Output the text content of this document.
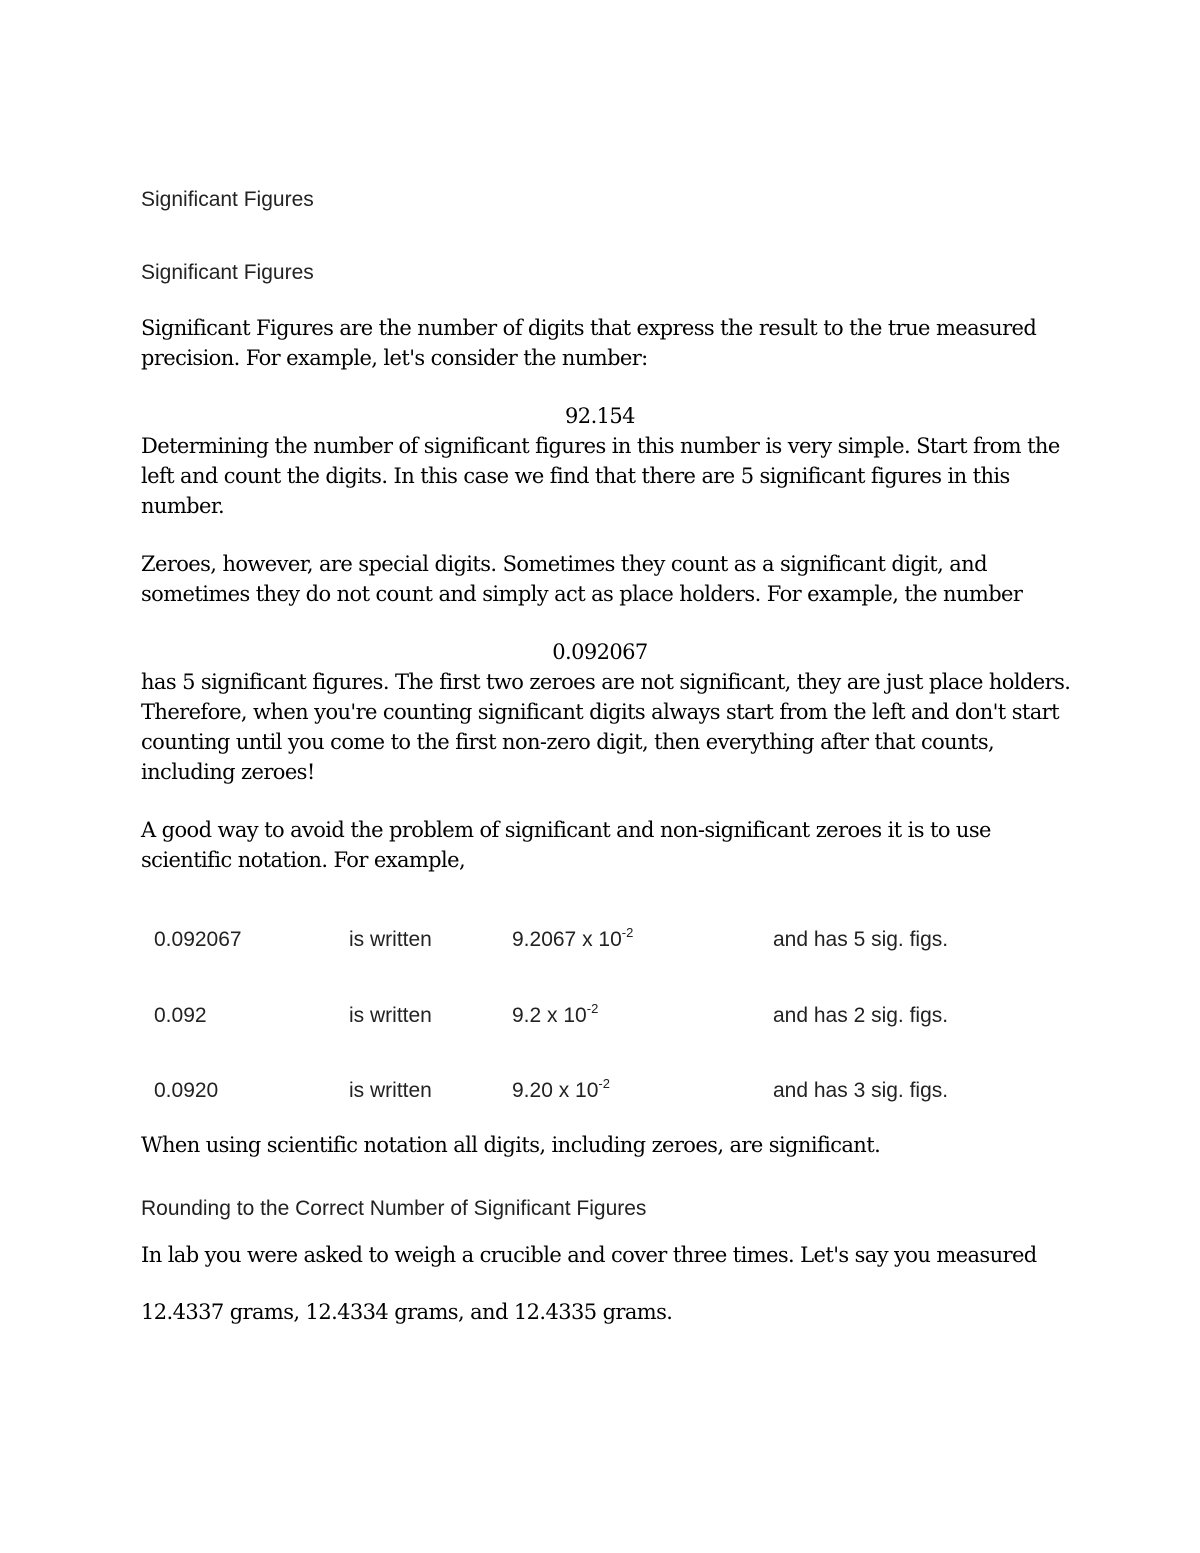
Significant Figures

Significant Figures

Significant Figures are the number of digits that express the result to the true measured precision. For example, let's consider the number:

92.154

Determining the number of significant figures in this number is very simple. Start from the left and count the digits. In this case we find that there are 5 significant figures in this number.

Zeroes, however, are special digits. Sometimes they count as a significant digit, and sometimes they do not count and simply act as place holders. For example, the number

0.092067

has 5 significant figures. The first two zeroes are not significant, they are just place holders. Therefore, when you're counting significant digits always start from the left and don't start counting until you come to the first non-zero digit, then everything after that counts, including zeroes!

A good way to avoid the problem of significant and non-significant zeroes it is to use scientific notation. For example,

0.092067	is written	9.2067 x $10^{-2}$	and has 5 sig. figs.
0.092	is written	9.2 x $10^{-2}$	and has 2 sig. figs.
0.0920	is written	9.20 x $10^{-2}$	and has 3 sig. figs.

When using scientific notation all digits, including zeroes, are significant.

Rounding to the Correct Number of Significant Figures

In lab you were asked to weigh a crucible and cover three times. Let's say you measured

12.4337 grams, 12.4334 grams, and 12.4335 grams.
